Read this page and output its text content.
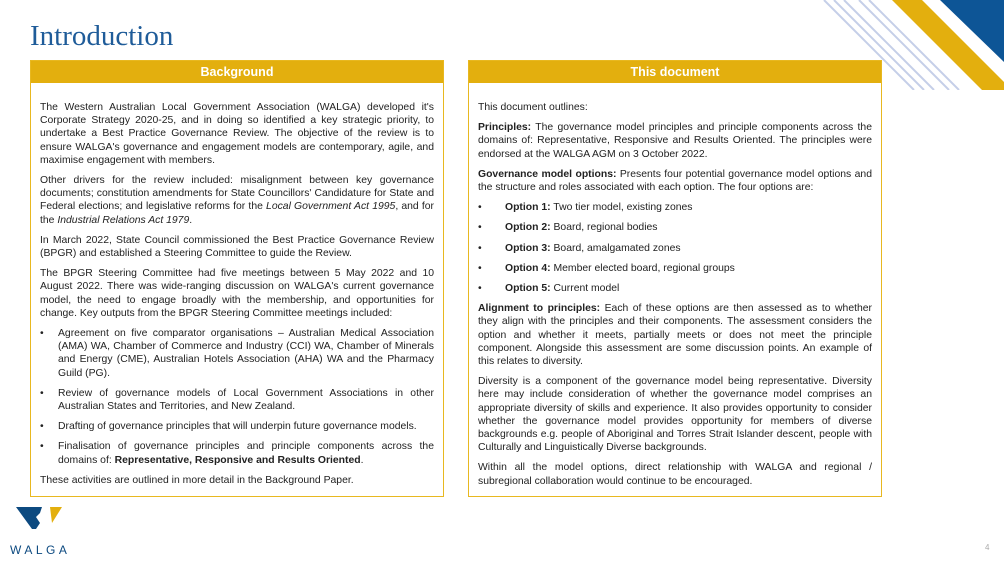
Introduction
Background

The Western Australian Local Government Association (WALGA) developed it's Corporate Strategy 2020-25, and in doing so identified a key strategic priority, to undertake a Best Practice Governance Review. The objective of the review is to ensure WALGA's governance and engagement models are contemporary, agile, and maximise engagement with members.

Other drivers for the review included: misalignment between key governance documents; constitution amendments for State Councillors' Candidature for State and Federal elections; and legislative reforms for the Local Government Act 1995, and for the Industrial Relations Act 1979.

In March 2022, State Council commissioned the Best Practice Governance Review (BPGR) and established a Steering Committee to guide the Review.

The BPGR Steering Committee had five meetings between 5 May 2022 and 10 August 2022. There was wide-ranging discussion on WALGA's current governance model, the need to engage broadly with the membership, and opportunities for change. Key outputs from the BPGR Steering Committee meetings included:

• Agreement on five comparator organisations – Australian Medical Association (AMA) WA, Chamber of Commerce and Industry (CCI) WA, Chamber of Minerals and Energy (CME), Australian Hotels Association (AHA) WA and the Pharmacy Guild (PG).
• Review of governance models of Local Government Associations in other Australian States and Territories, and New Zealand.
• Drafting of governance principles that will underpin future governance models.
• Finalisation of governance principles and principle components across the domains of: Representative, Responsive and Results Oriented.

These activities are outlined in more detail in the Background Paper.

This document

This document outlines:

Principles: The governance model principles and principle components across the domains of: Representative, Responsive and Results Oriented. The principles were endorsed at the WALGA AGM on 3 October 2022.

Governance model options: Presents four potential governance model options and the structure and roles associated with each option. The four options are:

• Option 1: Two tier model, existing zones
• Option 2: Board, regional bodies
• Option 3: Board, amalgamated zones
• Option 4: Member elected board, regional groups
• Option 5: Current model

Alignment to principles: Each of these options are then assessed as to whether they align with the principles and their components. The assessment considers the option and whether it meets, partially meets or does not meet the principle component. Alongside this assessment are some discussion points. An example of this relates to diversity.

Diversity is a component of the governance model being representative. Diversity here may include consideration of whether the governance model comprises an appropriate diversity of skills and experience. It also provides opportunity to consider whether the governance model provides opportunity for members of diverse backgrounds e.g. people of Aboriginal and Torres Strait Islander descent, people with Culturally and Linguistically Diverse backgrounds.

Within all the model options, direct relationship with WALGA and regional / subregional collaboration would continue to be encouraged.

WALGA	4
